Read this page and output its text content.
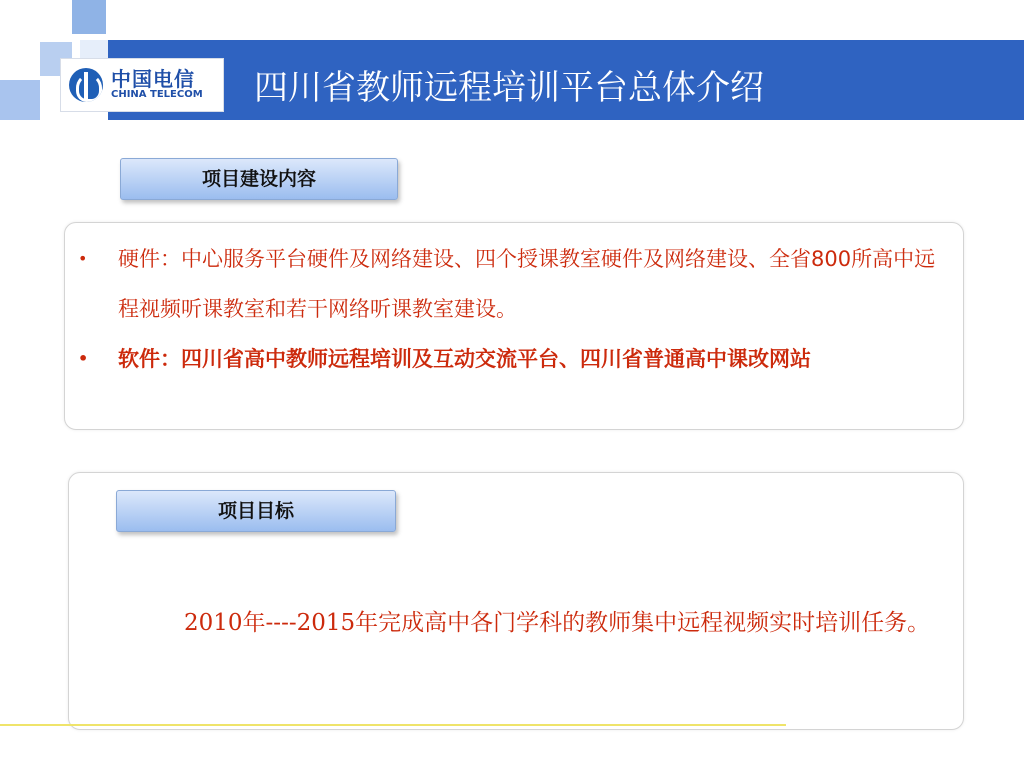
中国电信
CHINA TELECOM 四川省教师远程培训平台总体介绍
项目建设内容
• 硬件：中心服务平台硬件及网络建设、四个授课教室硬件及网络建设、全省800所高中远程视频听课教室和若干网络听课教室建设。
• 软件：四川省高中教师远程培训及互动交流平台、四川省普通高中课改网站
项目目标
2010年----2015年完成高中各门学科的教师集中远程视频实时培训任务。
